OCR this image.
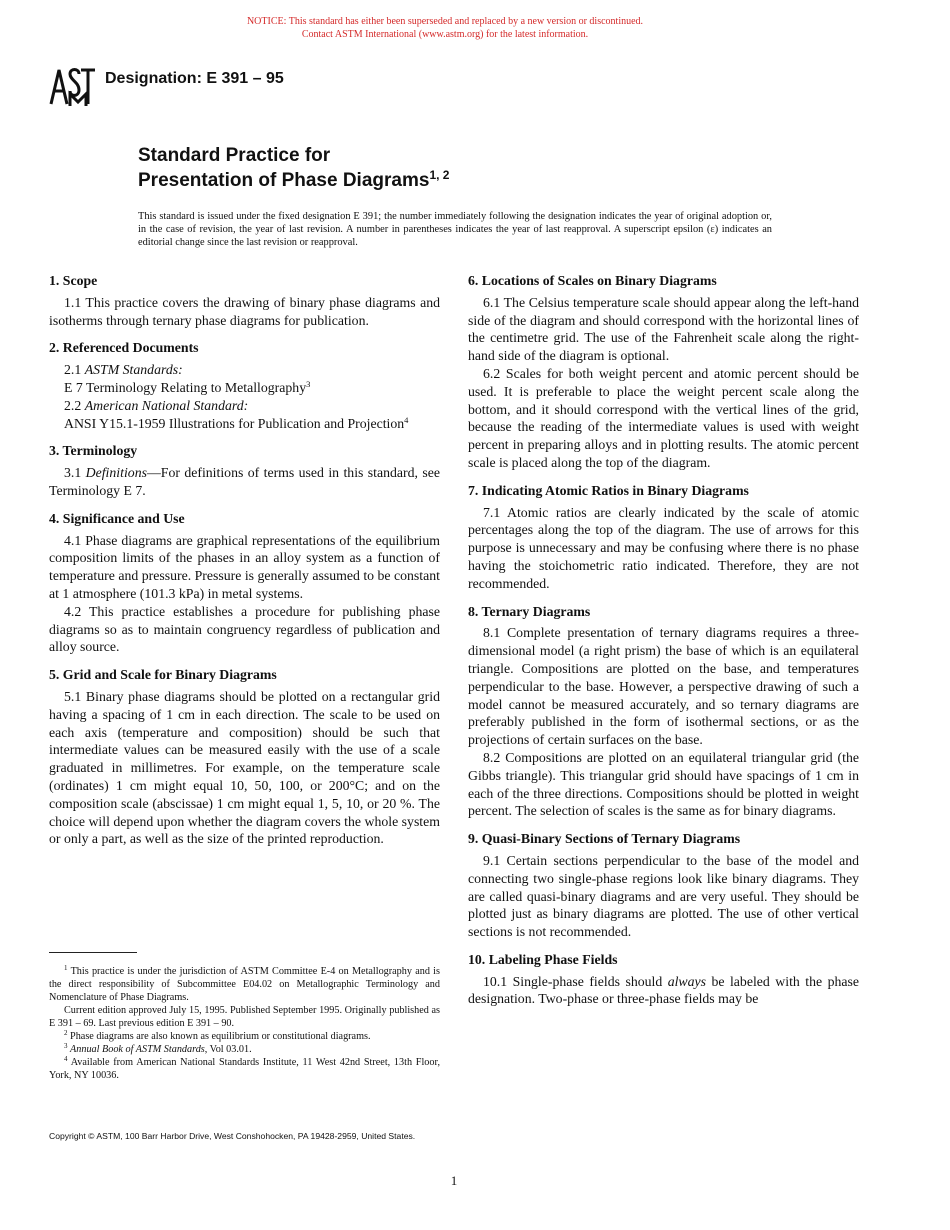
NOTICE: This standard has either been superseded and replaced by a new version or discontinued.
Contact ASTM International (www.astm.org) for the latest information.
Designation: E 391 – 95
Standard Practice for
Presentation of Phase Diagrams$^{1, 2}$
This standard is issued under the fixed designation E 391; the number immediately following the designation indicates the year of original adoption or, in the case of revision, the year of last revision. A number in parentheses indicates the year of last reapproval. A superscript epsilon (ε) indicates an editorial change since the last revision or reapproval.
1. Scope

1.1 This practice covers the drawing of binary phase diagrams and isotherms through ternary phase diagrams for publication.

2. Referenced Documents

2.1 ASTM Standards:

E 7 Terminology Relating to Metallography$^3$

2.2 American National Standard:

ANSI Y15.1-1959 Illustrations for Publication and Projection$^4$

3. Terminology

3.1 Definitions—For definitions of terms used in this standard, see Terminology E 7.

4. Significance and Use

4.1 Phase diagrams are graphical representations of the equilibrium composition limits of the phases in an alloy system as a function of temperature and pressure. Pressure is generally assumed to be constant at 1 atmosphere (101.3 kPa) in metal systems.

4.2 This practice establishes a procedure for publishing phase diagrams so as to maintain congruency regardless of publication and alloy source.

5. Grid and Scale for Binary Diagrams

5.1 Binary phase diagrams should be plotted on a rectangular grid having a spacing of 1 cm in each direction. The scale to be used on each axis (temperature and composition) should be such that intermediate values can be measured easily with the use of a scale graduated in millimetres. For example, on the temperature scale (ordinates) 1 cm might equal 10, 50, 100, or 200°C; and on the composition scale (abscissae) 1 cm might equal 1, 5, 10, or 20 %. The choice will depend upon whether the diagram covers the whole system or only a part, as well as the size of the printed reproduction.

6. Locations of Scales on Binary Diagrams

6.1 The Celsius temperature scale should appear along the left-hand side of the diagram and should correspond with the horizontal lines of the centimetre grid. The use of the Fahrenheit scale along the right-hand side of the diagram is optional.

6.2 Scales for both weight percent and atomic percent should be used. It is preferable to place the weight percent scale along the bottom, and it should correspond with the vertical lines of the grid, because the reading of the intermediate values is used with weight percent in preparing alloys and in plotting results. The atomic percent scale is placed along the top of the diagram.

7. Indicating Atomic Ratios in Binary Diagrams

7.1 Atomic ratios are clearly indicated by the scale of atomic percentages along the top of the diagram. The use of arrows for this purpose is unnecessary and may be confusing where there is no phase having the stoichometric ratio indicated. Therefore, they are not recommended.

8. Ternary Diagrams

8.1 Complete presentation of ternary diagrams requires a three-dimensional model (a right prism) the base of which is an equilateral triangle. Compositions are plotted on the base, and temperatures perpendicular to the base. However, a perspective drawing of such a model cannot be measured accurately, and so ternary diagrams are preferably published in the form of isothermal sections, or as the projections of certain surfaces on the base.

8.2 Compositions are plotted on an equilateral triangular grid (the Gibbs triangle). This triangular grid should have spacings of 1 cm in each of the three directions. Compositions should be plotted in weight percent. The selection of scales is the same as for binary diagrams.

9. Quasi-Binary Sections of Ternary Diagrams

9.1 Certain sections perpendicular to the base of the model and connecting two single-phase regions look like binary diagrams. They are called quasi-binary diagrams and are very useful. They should be plotted just as binary diagrams are plotted. The use of other vertical sections is not recommended.

10. Labeling Phase Fields

10.1 Single-phase fields should always be labeled with the phase designation. Two-phase or three-phase fields may be

$^1$ This practice is under the jurisdiction of ASTM Committee E-4 on Metallography and is the direct responsibility of Subcommittee E04.02 on Metallographic Terminology and Nomenclature of Phase Diagrams.

Current edition approved July 15, 1995. Published September 1995. Originally published as E 391 – 69. Last previous edition E 391 – 90.

$^2$ Phase diagrams are also known as equilibrium or constitutional diagrams.

$^3$ Annual Book of ASTM Standards, Vol 03.01.

$^4$ Available from American National Standards Institute, 11 West 42nd Street, 13th Floor, York, NY 10036.

Copyright © ASTM, 100 Barr Harbor Drive, West Conshohocken, PA 19428-2959, United States.
1
